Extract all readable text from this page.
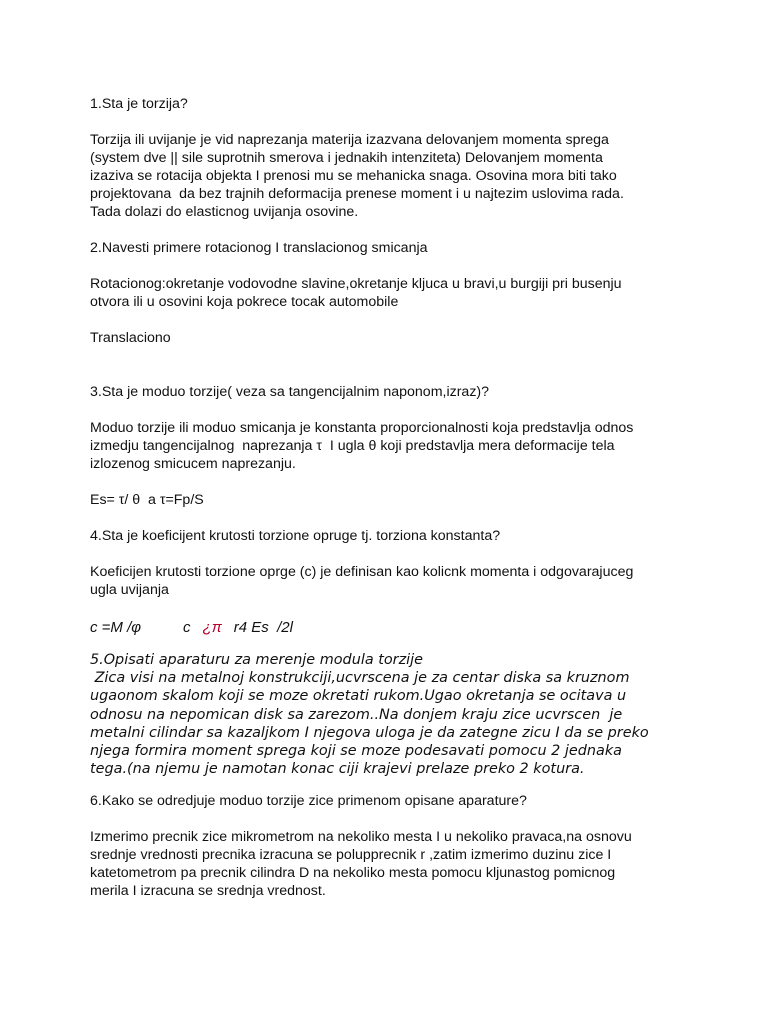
1.Sta je torzija?

Torzija ili uvijanje je vid naprezanja materija izazvana delovanjem momenta sprega
(system dve || sile suprotnih smerova i jednakih intenziteta) Delovanjem momenta
izaziva se rotacija objekta I prenosi mu se mehanicka snaga. Osovina mora biti tako
projektovana  da bez trajnih deformacija prenese moment i u najtezim uslovima rada.
Tada dolazi do elasticnog uvijanja osovine.

2.Navesti primere rotacionog I translacionog smicanja

Rotacionog:okretanje vodovodne slavine,okretanje kljuca u bravi,u burgiji pri busenju
otvora ili u osovini koja pokrece tocak automobile

Translaciono

3.Sta je moduo torzije( veza sa tangencijalnim naponom,izraz)?

Moduo torzije ili moduo smicanja je konstanta proporcionalnosti koja predstavlja odnos
izmedju tangencijalnog  naprezanja τ  I ugla θ koji predstavlja mera deformacije tela
izlozenog smicucem naprezanju.

Es= τ/ θ  a τ=Fp/S

4.Sta je koeficijent krutosti torzione opruge tj. torziona konstanta?

Koeficijen krutosti torzione oprge (c) je definisan kao kolicnk momenta i odgovarajuceg
ugla uvijanja

c =M /φ	c ¿π r4 Es  /2l

5.Opisati aparaturu za merenje modula torzije

Zica visi na metalnoj konstrukciji,ucvrscena je za centar diska sa kruznom
ugaonom skalom koji se moze okretati rukom.Ugao okretanja se ocitava u
odnosu na nepomican disk sa zarezom..Na donjem kraju zice ucvrscen  je
metalni cilindar sa kazaljkom I njegova uloga je da zategne zicu I da se preko
njega formira moment sprega koji se moze podesavati pomocu 2 jednaka
tega.(na njemu je namotan konac ciji krajevi prelaze preko 2 kotura.

6.Kako se odredjuje moduo torzije zice primenom opisane aparature?

Izmerimo precnik zice mikrometrom na nekoliko mesta I u nekoliko pravaca,na osnovu
srednje vrednosti precnika izracuna se polupprecnik r ,zatim izmerimo duzinu zice I
katetometrom pa precnik cilindra D na nekoliko mesta pomocu kljunastog pomicnog
merila I izracuna se srednja vrednost.
